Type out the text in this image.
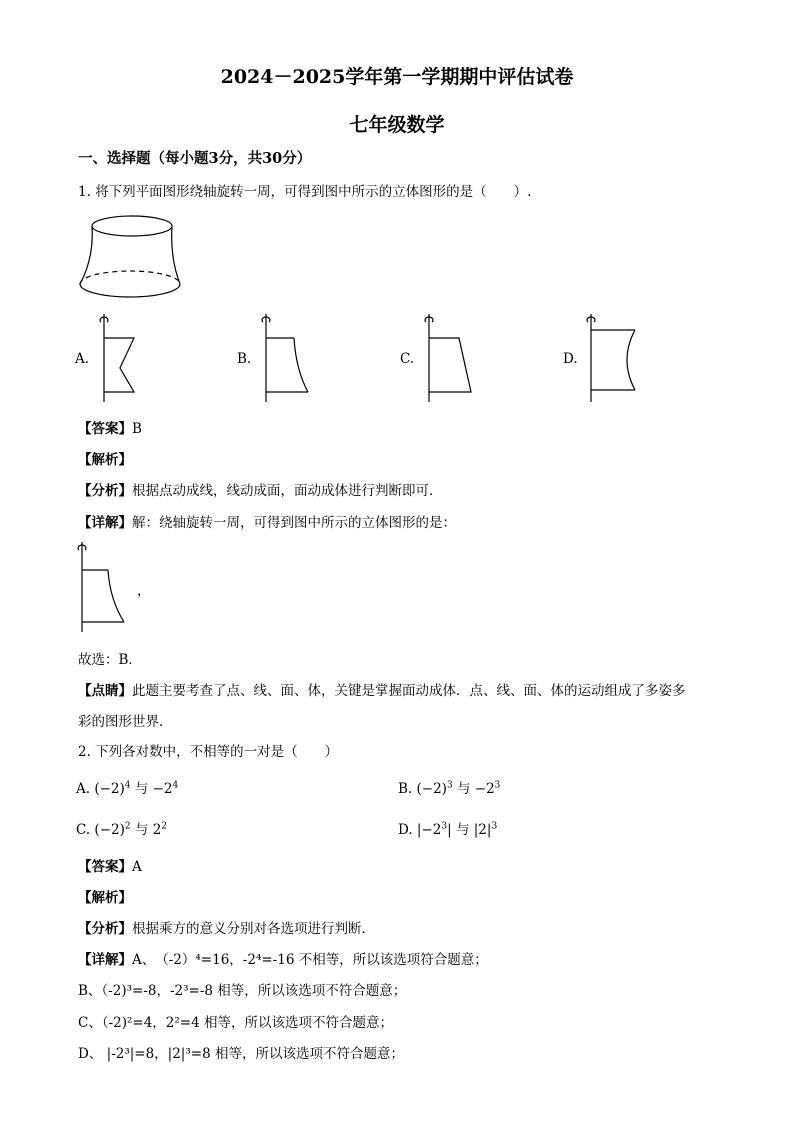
2024－2025学年第一学期期中评估试卷
七年级数学
一、选择题（每小题3分，共30分）
1. 将下列平面图形绕轴旋转一周，可得到图中所示的立体图形的是（　　）.
A.	B.	C.	D.
【答案】B
【解析】
【分析】根据点动成线，线动成面，面动成体进行判断即可．
【详解】解：绕轴旋转一周，可得到图中所示的立体图形的是：
，
故选：B．
【点睛】此题主要考查了点、线、面、体，关键是掌握面动成体．点、线、面、体的运动组成了多姿多
彩的图形世界．
2. 下列各对数中，不相等的一对是（　　）
A. $(-2)^4$ 与 $-2^4$	B. $(-2)^3$ 与 $-2^3$
C. $(-2)^2$ 与 $2^2$	D. $|-2^3|$ 与 $|2|^3$
【答案】A
【解析】
【分析】根据乘方的意义分别对各选项进行判断．
【详解】A、　（-2）⁴=16，-2⁴=-16 不相等，所以该选项符合题意；
B、（-2)³=-8，-2³=-8 相等，所以该选项不符合题意；
C、（-2)²=4，2²=4 相等，所以该选项不符合题意；
D、 |-2³|=8，|2|³=8 相等，所以该选项不符合题意；
